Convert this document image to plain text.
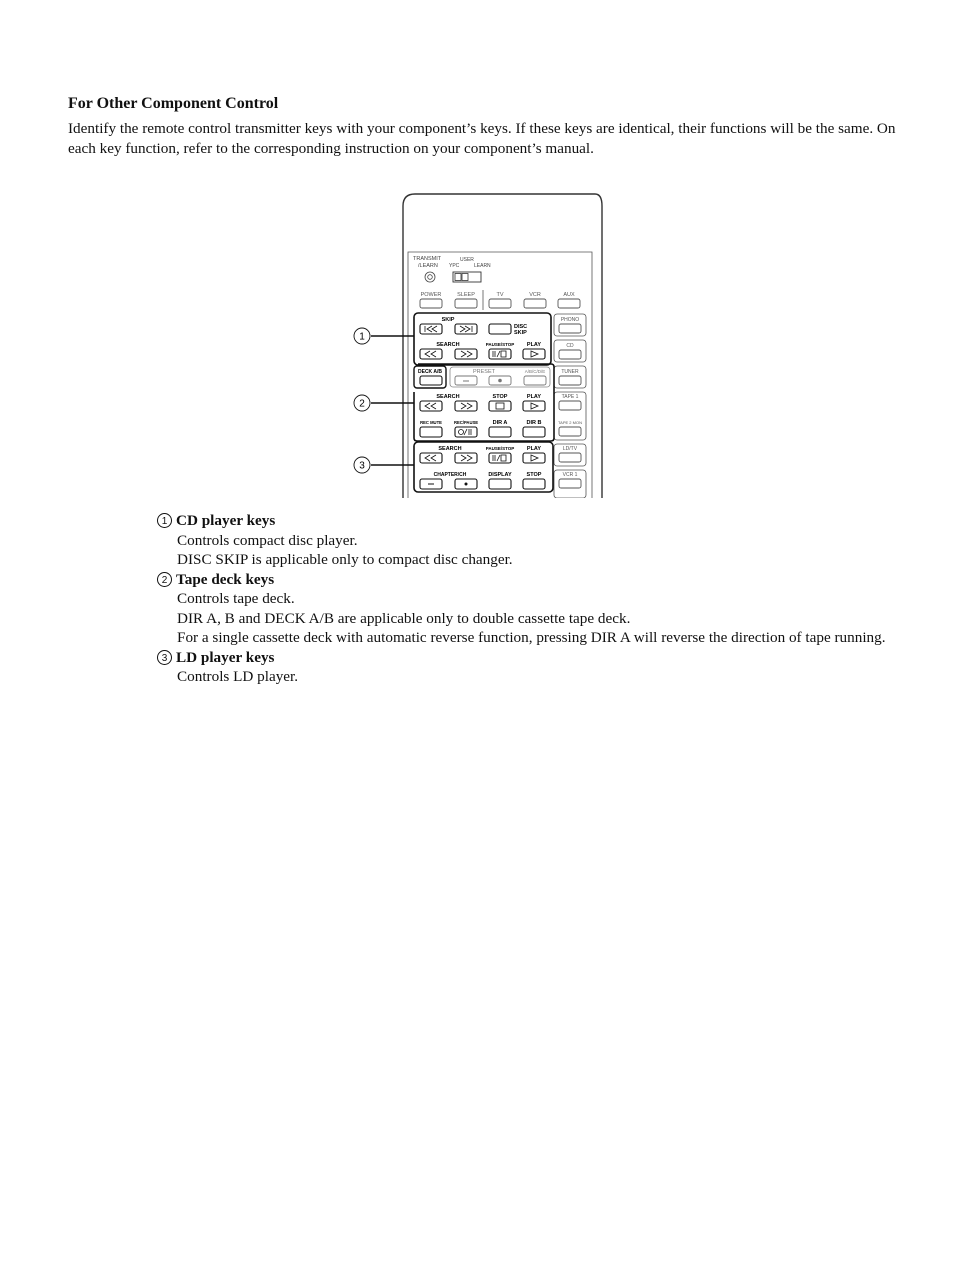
For Other Component Control

Identify the remote control transmitter keys with your component’s keys. If these keys are identical, their functions will be the same. On each key function, refer to the corresponding instruction on your component’s manual.

TRANSMIT
/LEARN
USER
YPC	LEARN
POWER	SLEEP	TV	VCR	AUX
PHONO
CD
TUNER
TAPE 1
TAPE 2 MON
LD/TV
VCR 1
SKIP
DISC
SKIP
SEARCH	PAUSE/STOP PLAY
DECK A/B	PRESET	A/B/C/D/E
SEARCH	STOP	PLAY
REC MUTE	REC/PAUSE	DIR A	DIR B
SEARCH	PAUSE/STOP PLAY
CHAPTER/CH	DISPLAY	STOP
1
2
3
1 CD player keys
Controls compact disc player.
DISC SKIP is applicable only to compact disc changer.
2 Tape deck keys
Controls tape deck.
DIR A, B and DECK A/B are applicable only to double cassette tape deck.
For a single cassette deck with automatic reverse function, pressing DIR A will reverse the direction of tape running.
3 LD player keys
Controls LD player.
